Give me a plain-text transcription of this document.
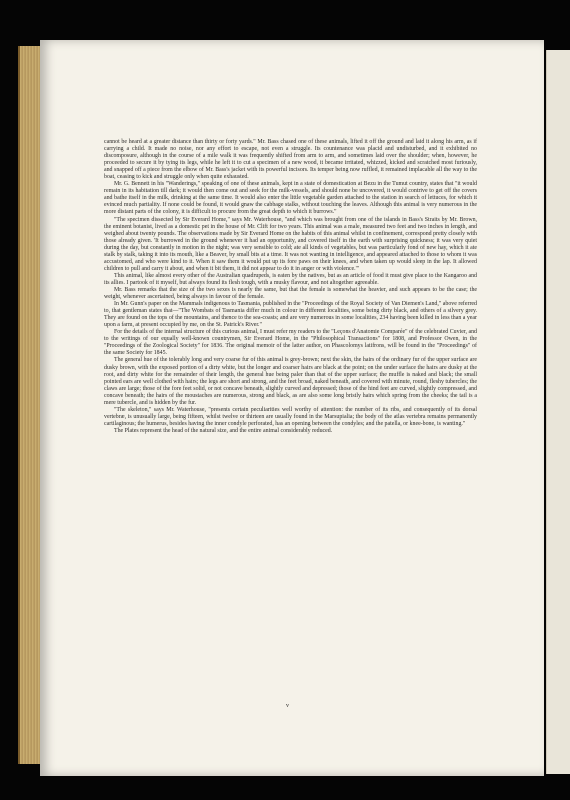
cannot be heard at a greater distance than thirty or forty yards." Mr. Bass chased one of these animals, lifted it off the ground and laid it along his arm, as if carrying a child. It made no noise, nor any effort to escape, not even a struggle. Its countenance was placid and undisturbed, and it exhibited no discomposure, although in the course of a mile walk it was frequently shifted from arm to arm, and sometimes laid over the shoulder; when, however, he proceeded to secure it by tying its legs, while he left it to cut a specimen of a new wood, it became irritated, whizzed, kicked and scratched most furiously, and snapped off a piece from the elbow of Mr. Bass's jacket with its powerful incisors. Its temper being now ruffled, it remained implacable all the way to the boat, ceasing to kick and struggle only when quite exhausted.

Mr. G. Bennett in his "Wanderings," speaking of one of these animals, kept in a state of domestication at Bezu in the Tumut country, states that "it would remain in its habitation till dark; it would then come out and seek for the milk-vessels, and should none be uncovered, it would contrive to get off the covers and bathe itself in the milk, drinking at the same time. It would also enter the little vegetable garden attached to the station in search of lettuces, for which it evinced much partiality. If none could be found, it would gnaw the cabbage stalks, without touching the leaves. Although this animal is very numerous in the more distant parts of the colony, it is difficult to procure from the great depth to which it burrows."

"The specimen dissected by Sir Everard Home," says Mr. Waterhouse, "and which was brought from one of the islands in Bass's Straits by Mr. Brown, the eminent botanist, lived as a domestic pet in the house of Mr. Clift for two years. This animal was a male, measured two feet and two inches in length, and weighed about twenty pounds. The observations made by Sir Everard Home on the habits of this animal whilst in confinement, correspond pretty closely with those already given. 'It burrowed in the ground whenever it had an opportunity, and covered itself in the earth with surprising quickness; it was very quiet during the day, but constantly in motion in the night; was very sensible to cold; ate all kinds of vegetables, but was particularly fond of new hay, which it ate stalk by stalk, taking it into its mouth, like a Beaver, by small bits at a time. It was not wanting in intelligence, and appeared attached to those to whom it was accustomed, and who were kind to it. When it saw them it would put up its fore paws on their knees, and when taken up would sleep in the lap. It allowed children to pull and carry it about, and when it bit them, it did not appear to do it in anger or with violence.'"

This animal, like almost every other of the Australian quadrupeds, is eaten by the natives, but as an article of food it must give place to the Kangaroo and its allies. I partook of it myself, but always found its flesh tough, with a musky flavour, and not altogether agreeable.

Mr. Bass remarks that the size of the two sexes is nearly the same, but that the female is somewhat the heavier, and such appears to be the case; the weight, whenever ascertained, being always in favour of the female.

In Mr. Gunn's paper on the Mammals indigenous to Tasmania, published in the "Proceedings of the Royal Society of Van Diemen's Land," above referred to, that gentleman states that—"The Wombats of Tasmania differ much in colour in different localities, some being dirty black, and others of a silvery grey. They are found on the tops of the mountains, and thence to the sea-coasts; and are very numerous in some localities, 234 having been killed in less than a year upon a farm, at present occupied by me, on the St. Patrick's River."

For the details of the internal structure of this curious animal, I must refer my readers to the "Leçons d'Anatomie Comparée" of the celebrated Cuvier, and to the writings of our equally well-known countrymen, Sir Everard Home, in the "Philosophical Transactions" for 1808, and Professor Owen, in the "Proceedings of the Zoological Society" for 1836. The original memoir of the latter author, on Phascolomys latifrons, will be found in the "Proceedings" of the same Society for 1845.

The general hue of the tolerably long and very coarse fur of this animal is grey-brown; next the skin, the hairs of the ordinary fur of the upper surface are dusky brown, with the exposed portion of a dirty white, but the longer and coarser hairs are black at the point; on the under surface the hairs are dusky at the root, and dirty white for the remainder of their length, the general hue being paler than that of the upper surface; the muffle is naked and black; the small pointed ears are well clothed with hairs; the legs are short and strong, and the feet broad, naked beneath, and covered with minute, round, fleshy tubercles; the claws are large; those of the fore feet solid, or not concave beneath, slightly curved and depressed; those of the hind feet are curved, slightly compressed, and concave beneath; the hairs of the moustaches are numerous, strong and black, as are also some long bristly hairs which spring from the cheeks; the tail is a mere tubercle, and is hidden by the fur.

"The skeleton," says Mr. Waterhouse, "presents certain peculiarities well worthy of attention: the number of its ribs, and consequently of its dorsal vertebræ, is unusually large, being fifteen, whilst twelve or thirteen are usually found in the Marsupialia; the body of the atlas vertebra remains permanently cartilaginous; the humerus, besides having the inner condyle perforated, has an opening between the condyles; and the patella, or knee-bone, is wanting."

The Plates represent the head of the natural size, and the entire animal considerably reduced.

v
